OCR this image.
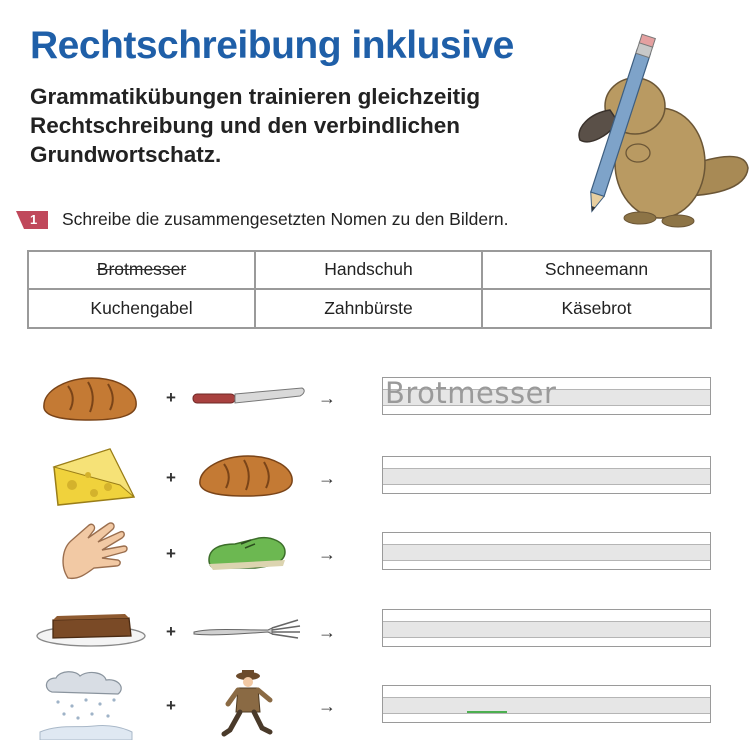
Rechtschreibung inklusive
Grammatikübungen trainieren gleichzeitig
Rechtschreibung und den verbindlichen
Grundwortschatz.
1 Schreibe die zusammengesetzten Nomen zu den Bildern.
Brotmesser	Handschuh	Schneemann
Kuchengabel	Zahnbürste	Käsebrot
+	→ Brotmesser
+	→
+	→
+	→
+	→
